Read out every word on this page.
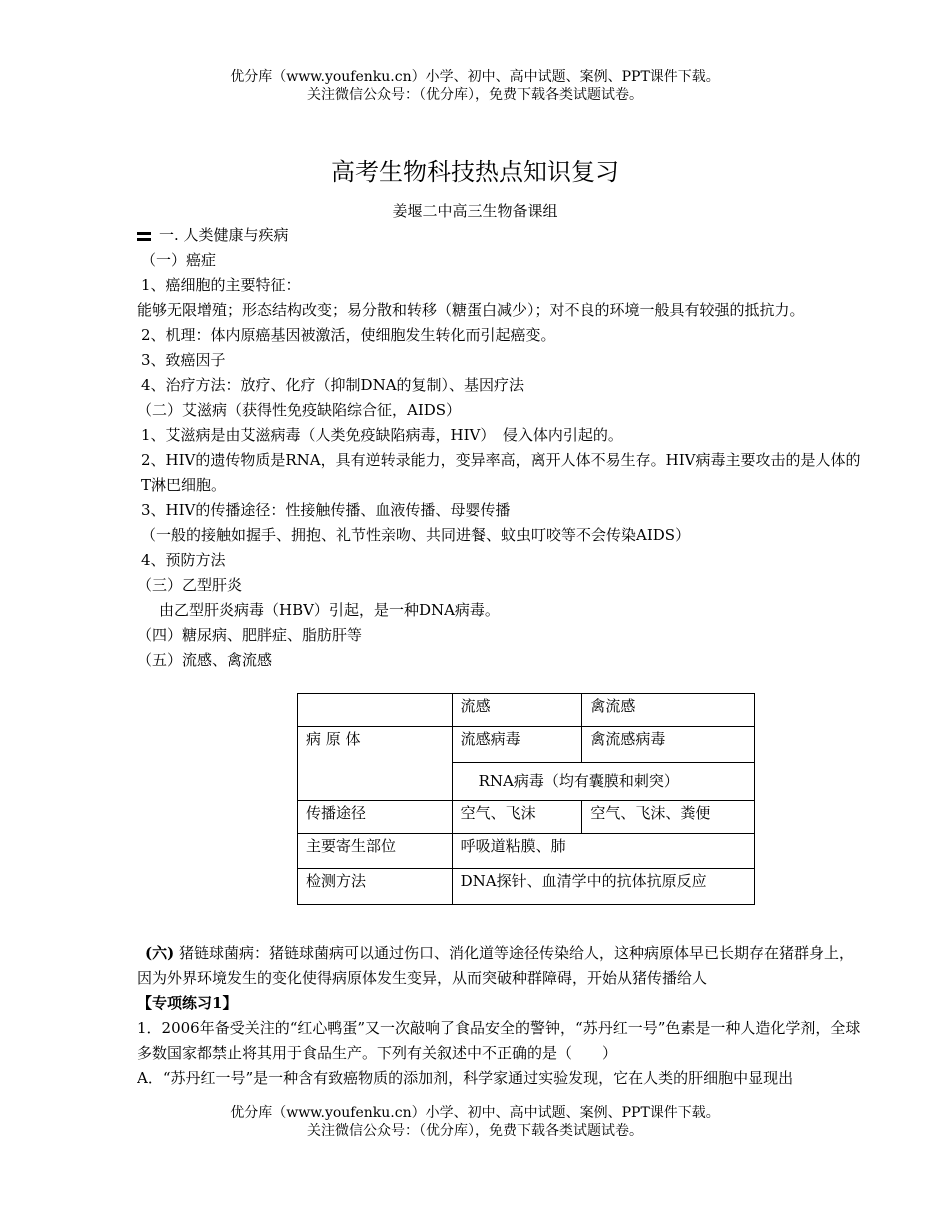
优分库（www.youfenku.cn）小学、初中、高中试题、案例、PPT课件下载。
关注微信公众号：（优分库），免费下载各类试题试卷。
高考生物科技热点知识复习
姜堰二中高三生物备课组
一. 人类健康与疾病
（一）癌症
1、癌细胞的主要特征：
能够无限增殖；形态结构改变；易分散和转移（糖蛋白减少）；对不良的环境一般具有较强的抵抗力。
2、机理：体内原癌基因被激活，使细胞发生转化而引起癌变。
3、致癌因子
4、治疗方法：放疗、化疗（抑制DNA的复制）、基因疗法
（二）艾滋病（获得性免疫缺陷综合征，AIDS）
1、艾滋病是由艾滋病毒（人类免疫缺陷病毒，HIV）　侵入体内引起的。
2、HIV的遗传物质是RNA，具有逆转录能力，变异率高，离开人体不易生存。HIV病毒主要攻击的是人体的T淋巴细胞。
3、HIV的传播途径：性接触传播、血液传播、母婴传播
（一般的接触如握手、拥抱、礼节性亲吻、共同进餐、蚊虫叮咬等不会传染AIDS）
4、预防方法
（三）乙型肝炎
由乙型肝炎病毒（HBV）引起，是一种DNA病毒。
（四）糖尿病、肥胖症、脂肪肝等
（五）流感、禽流感
	流感	禽流感
病 原 体	流感病毒	禽流感病毒
	RNA病毒（均有囊膜和刺突）	
传播途径	空气、飞沫	空气、飞沫、粪便
主要寄生部位	呼吸道粘膜、肺	
检测方法	DNA探针、血清学中的抗体抗原反应	
(六) 猪链球菌病：猪链球菌病可以通过伤口、消化道等途径传染给人，这种病原体早已长期存在猪群身上，因为外界环境发生的变化使得病原体发生变异，从而突破种群障碍，开始从猪传播给人
【专项练习1】
1．2006年备受关注的“红心鸭蛋”又一次敲响了食品安全的警钟，“苏丹红一号”色素是一种人造化学剂，全球多数国家都禁止将其用于食品生产。下列有关叙述中不正确的是（　　）
A．“苏丹红一号”是一种含有致癌物质的添加剂，科学家通过实验发现，它在人类的肝细胞中显现出
优分库（www.youfenku.cn）小学、初中、高中试题、案例、PPT课件下载。
关注微信公众号：（优分库），免费下载各类试题试卷。
